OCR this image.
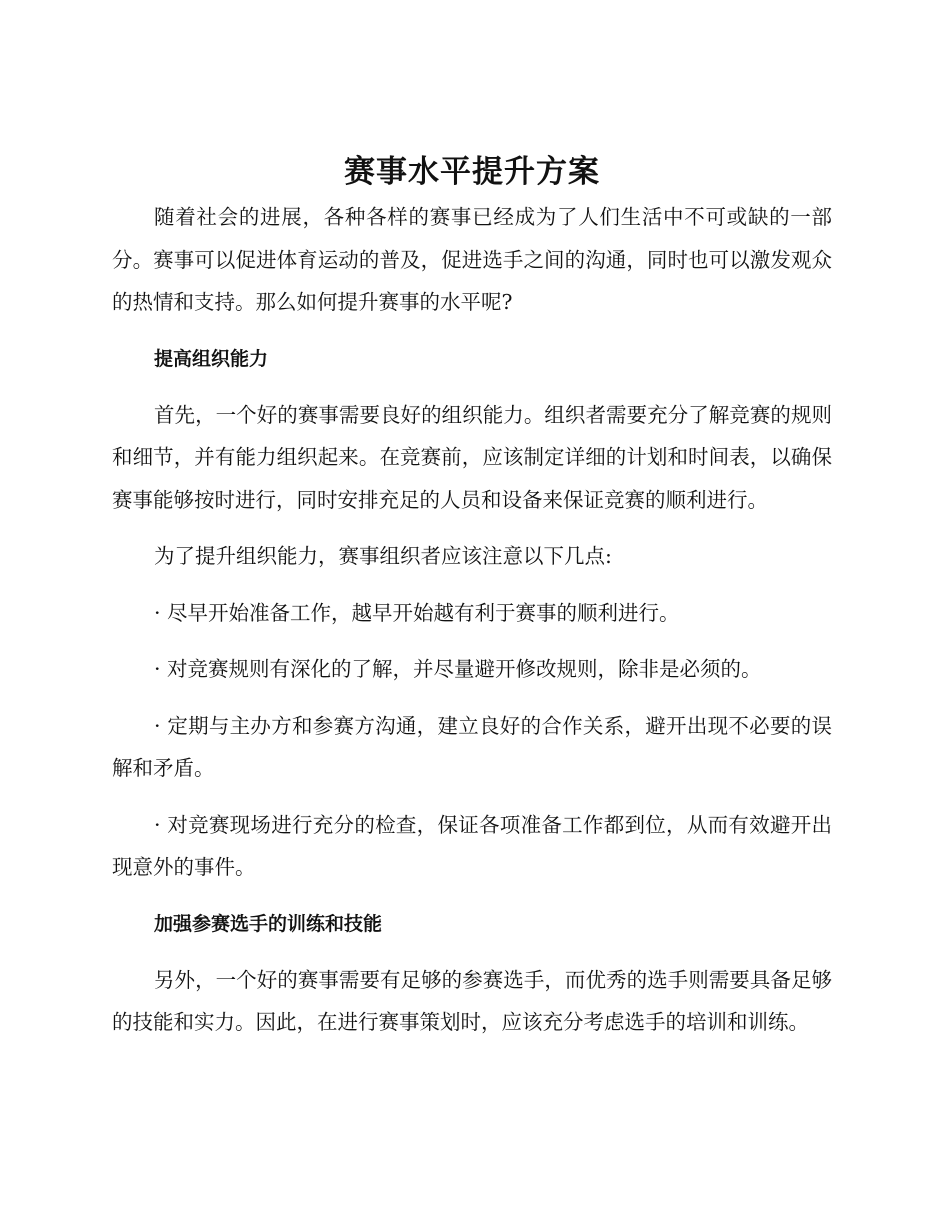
赛事水平提升方案

随着社会的进展，各种各样的赛事已经成为了人们生活中不可或缺的一部分。赛事可以促进体育运动的普及，促进选手之间的沟通，同时也可以激发观众的热情和支持。那么如何提升赛事的水平呢?

提高组织能力

首先，一个好的赛事需要良好的组织能力。组织者需要充分了解竞赛的规则和细节，并有能力组织起来。在竞赛前，应该制定详细的计划和时间表，以确保赛事能够按时进行，同时安排充足的人员和设备来保证竞赛的顺利进行。

为了提升组织能力，赛事组织者应该注意以下几点:

· 尽早开始准备工作，越早开始越有利于赛事的顺利进行。

· 对竞赛规则有深化的了解，并尽量避开修改规则，除非是必须的。

· 定期与主办方和参赛方沟通，建立良好的合作关系，避开出现不必要的误解和矛盾。

· 对竞赛现场进行充分的检查，保证各项准备工作都到位，从而有效避开出现意外的事件。

加强参赛选手的训练和技能

另外，一个好的赛事需要有足够的参赛选手，而优秀的选手则需要具备足够的技能和实力。因此，在进行赛事策划时，应该充分考虑选手的培训和训练。
